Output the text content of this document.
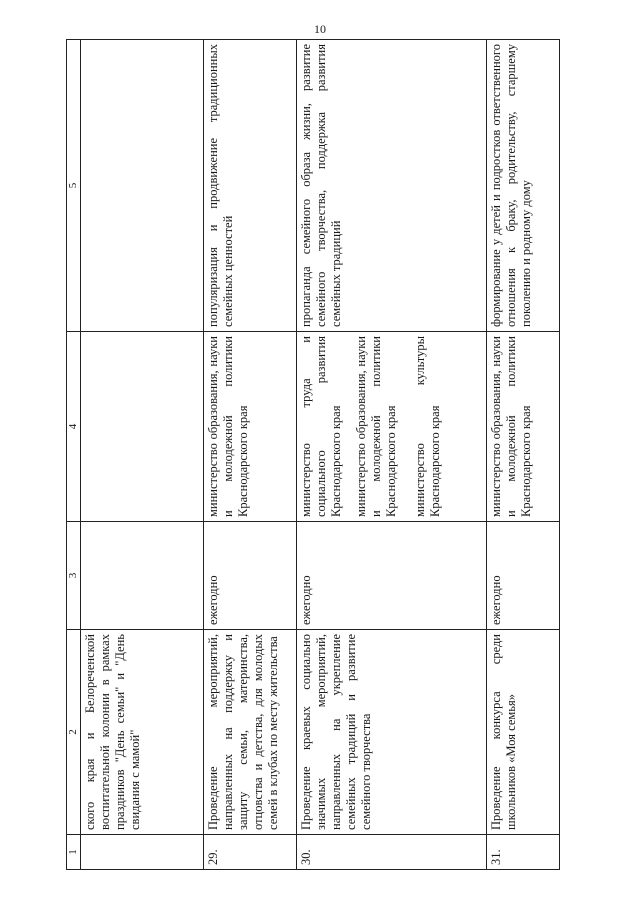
10
1	2	3	4	5
	ского края и Белореченской воспитательной колонии в рамках праздников "День семьи" и "День свидания с мамой"			
29.	Проведение мероприятий, направленных на поддержку и защиту семьи, материнства, отцовства и детства, для молодых семей в клубах по месту жительства	ежегодно	министерство образования, науки и молодежной политики Краснодарского края	популяризация и продвижение традиционных семейных ценностей
30.	Проведение краевых социально значимых мероприятий, направленных на укрепление семейных традиций и развитие семейного творчества	ежегодно	министерство труда и социального развития Краснодарского края министерство образования, науки и молодежной политики Краснодарского края министерство культуры Краснодарского края	пропаганда семейного образа жизни, развитие семейного творчества, поддержка развития семейных традиций
31.	Проведение конкурса среди школьников «Моя семья»	ежегодно	министерство образования, науки и молодежной политики Краснодарского края	формирование у детей и подростков ответственного отношения к браку, родительству, старшему поколению и родному дому
